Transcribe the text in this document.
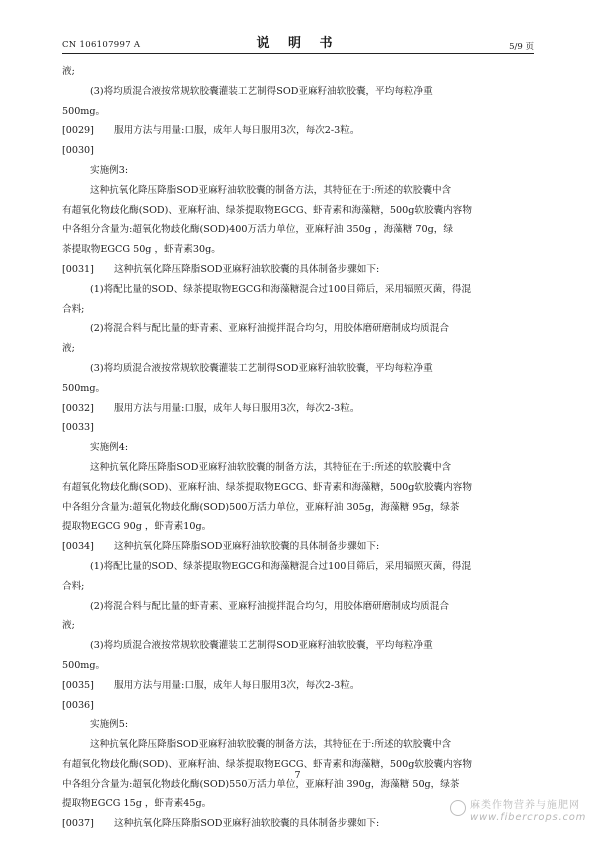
CN 106107997 A	说 明 书	5/9 页
液;
(3)将均质混合液按常规软胶囊灌装工艺制得SOD亚麻籽油软胶囊，平均每粒净重
500mg。
[0029] 服用方法与用量:口服，成年人每日服用3次，每次2-3粒。
[0030]
实施例3:
这种抗氧化降压降脂SOD亚麻籽油软胶囊的制备方法，其特征在于:所述的软胶囊中含
有超氧化物歧化酶(SOD)、亚麻籽油、绿茶提取物EGCG、虾青素和海藻糖，500g软胶囊内容物
中各组分含量为:超氧化物歧化酶(SOD)400万活力单位，亚麻籽油 350g ，海藻糖 70g，绿
茶提取物EGCG 50g ，虾青素30g。
[0031] 这种抗氧化降压降脂SOD亚麻籽油软胶囊的具体制备步骤如下:
(1)将配比量的SOD、绿茶提取物EGCG和海藻糖混合过100目筛后，采用辐照灭菌，得混
合料;
(2)将混合料与配比量的虾青素、亚麻籽油搅拌混合均匀，用胶体磨研磨制成均质混合
液;
(3)将均质混合液按常规软胶囊灌装工艺制得SOD亚麻籽油软胶囊，平均每粒净重
500mg。
[0032] 服用方法与用量:口服，成年人每日服用3次，每次2-3粒。
[0033]
实施例4:
这种抗氧化降压降脂SOD亚麻籽油软胶囊的制备方法，其特征在于:所述的软胶囊中含
有超氧化物歧化酶(SOD)、亚麻籽油、绿茶提取物EGCG、虾青素和海藻糖，500g软胶囊内容物
中各组分含量为:超氧化物歧化酶(SOD)500万活力单位，亚麻籽油 305g，海藻糖 95g，绿茶
提取物EGCG 90g ，虾青素10g。
[0034] 这种抗氧化降压降脂SOD亚麻籽油软胶囊的具体制备步骤如下:
(1)将配比量的SOD、绿茶提取物EGCG和海藻糖混合过100目筛后，采用辐照灭菌，得混
合料;
(2)将混合料与配比量的虾青素、亚麻籽油搅拌混合均匀，用胶体磨研磨制成均质混合
液;
(3)将均质混合液按常规软胶囊灌装工艺制得SOD亚麻籽油软胶囊，平均每粒净重
500mg。
[0035] 服用方法与用量:口服，成年人每日服用3次，每次2-3粒。
[0036]
实施例5:
这种抗氧化降压降脂SOD亚麻籽油软胶囊的制备方法，其特征在于:所述的软胶囊中含
有超氧化物歧化酶(SOD)、亚麻籽油、绿茶提取物EGCG、虾青素和海藻糖，500g软胶囊内容物
中各组分含量为:超氧化物歧化酶(SOD)550万活力单位，亚麻籽油 390g，海藻糖 50g，绿茶
提取物EGCG 15g ，虾青素45g。
[0037] 这种抗氧化降压降脂SOD亚麻籽油软胶囊的具体制备步骤如下:
7
麻类作物营养与施肥网
www.fibercrops.com
